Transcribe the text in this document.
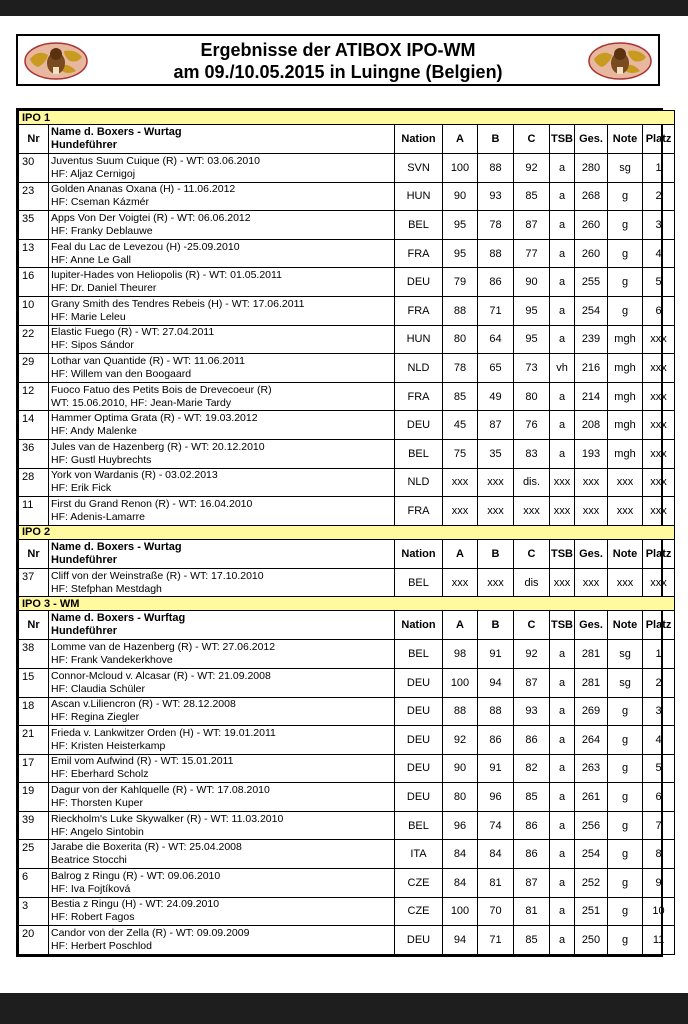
Ergebnisse der ATIBOX IPO-WM
am 09./10.05.2015 in Luingne (Belgien)
IPO 1									
Nr	Name d. Boxers - Wurtag
Hundeführer	Nation	A	B	C	TSB	Ges.	Note	Platz
30	Juventus Suum Cuique (R) - WT: 03.06.2010
HF: Aljaz Cernigoj	SVN	100	88	92	a	280	sg	1
23	Golden Ananas Oxana (H) - 11.06.2012
HF: Cseman Kázmér	HUN	90	93	85	a	268	g	2
35	Apps Von Der Voigtei (R) - WT: 06.06.2012
HF: Franky Deblauwe	BEL	95	78	87	a	260	g	3
13	Feal du Lac de Levezou (H) -25.09.2010
HF: Anne Le Gall	FRA	95	88	77	a	260	g	4
16	Iupiter-Hades von Heliopolis (R) - WT: 01.05.2011
HF: Dr. Daniel Theurer	DEU	79	86	90	a	255	g	5
10	Grany Smith des Tendres Rebeis (H) - WT: 17.06.2011
HF: Marie Leleu	FRA	88	71	95	a	254	g	6
22	Elastic Fuego (R) - WT: 27.04.2011
HF: Sipos Sándor	HUN	80	64	95	a	239	mgh	xxx
29	Lothar van Quantide (R) - WT: 11.06.2011
HF: Willem van den Boogaard	NLD	78	65	73	vh	216	mgh	xxx
12	Fuoco Fatuo des Petits Bois de Drevecoeur (R)
WT: 15.06.2010, HF: Jean-Marie Tardy	FRA	85	49	80	a	214	mgh	xxx
14	Hammer Optima Grata (R) - WT: 19.03.2012
HF: Andy Malenke	DEU	45	87	76	a	208	mgh	xxx
36	Jules van de Hazenberg (R) - WT: 20.12.2010
HF: Gustl Huybrechts	BEL	75	35	83	a	193	mgh	xxx
28	York von Wardanis (R) - 03.02.2013
HF: Erik Fick	NLD	xxx	xxx	dis.	xxx	xxx	xxx	xxx
11	First du Grand Renon (R) - WT: 16.04.2010
HF: Adenis-Lamarre	FRA	xxx	xxx	xxx	xxx	xxx	xxx	xxx
IPO 2									
Nr	Name d. Boxers - Wurtag
Hundeführer	Nation	A	B	C	TSB	Ges.	Note	Platz
37	Cliff von der Weinstraße (R) - WT: 17.10.2010
HF: Stefphan Mestdagh	BEL	xxx	xxx	dis	xxx	xxx	xxx	xxx
IPO 3 - WM									
Nr	Name d. Boxers - Wurftag
Hundeführer	Nation	A	B	C	TSB	Ges.	Note	Platz
38	Lomme van de Hazenberg (R) - WT: 27.06.2012
HF: Frank Vandekerkhove	BEL	98	91	92	a	281	sg	1
15	Connor-Mcloud v. Alcasar (R) - WT: 21.09.2008
HF: Claudia Schüler	DEU	100	94	87	a	281	sg	2
18	Ascan v.Liliencron (R) - WT: 28.12.2008
HF: Regina Ziegler	DEU	88	88	93	a	269	g	3
21	Frieda v. Lankwitzer Orden (H) - WT: 19.01.2011
HF: Kristen Heisterkamp	DEU	92	86	86	a	264	g	4
17	Emil vom Aufwind (R) - WT: 15.01.2011
HF: Eberhard Scholz	DEU	90	91	82	a	263	g	5
19	Dagur von der Kahlquelle (R) - WT: 17.08.2010
HF: Thorsten Kuper	DEU	80	96	85	a	261	g	6
39	Rieckholm's Luke Skywalker (R) - WT: 11.03.2010
HF: Angelo Sintobin	BEL	96	74	86	a	256	g	7
25	Jarabe die Boxerita (R) - WT: 25.04.2008
Beatrice Stocchi	ITA	84	84	86	a	254	g	8
6	Balrog z Ringu (R) - WT: 09.06.2010
HF: Iva Fojtíková	CZE	84	81	87	a	252	g	9
3	Bestia z Ringu (H) - WT: 24.09.2010
HF: Robert Fagos	CZE	100	70	81	a	251	g	10
20	Candor von der Zella (R) - WT: 09.09.2009
HF: Herbert Poschlod	DEU	94	71	85	a	250	g	11
